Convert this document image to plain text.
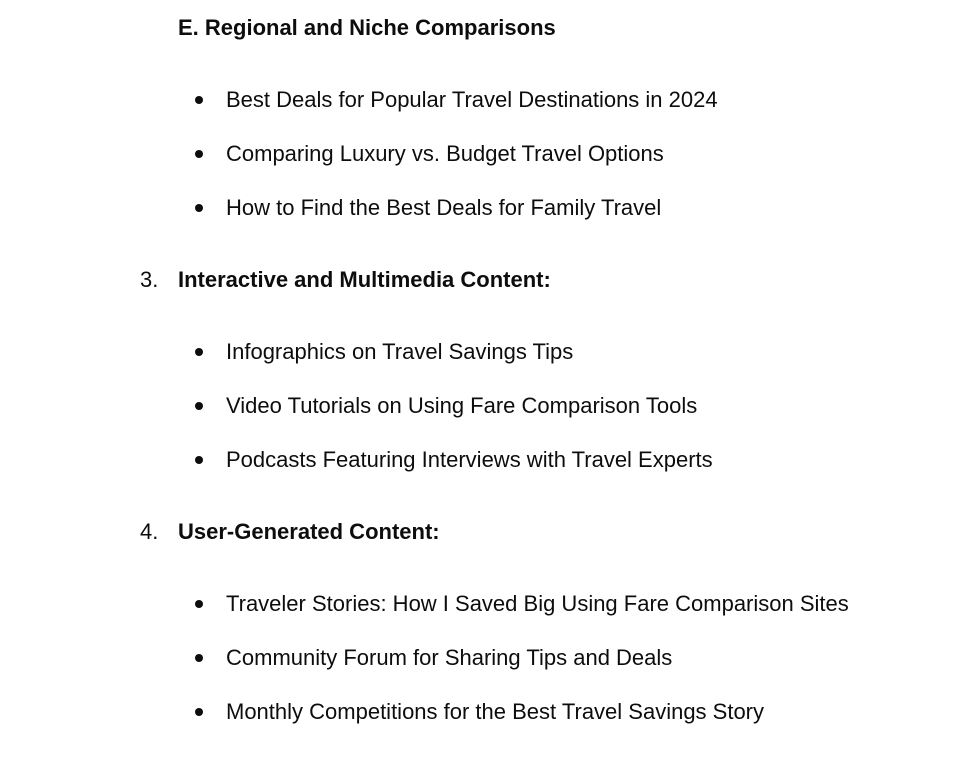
E. Regional and Niche Comparisons
Best Deals for Popular Travel Destinations in 2024
Comparing Luxury vs. Budget Travel Options
How to Find the Best Deals for Family Travel
3. Interactive and Multimedia Content:
Infographics on Travel Savings Tips
Video Tutorials on Using Fare Comparison Tools
Podcasts Featuring Interviews with Travel Experts
4. User-Generated Content:
Traveler Stories: How I Saved Big Using Fare Comparison Sites
Community Forum for Sharing Tips and Deals
Monthly Competitions for the Best Travel Savings Story
